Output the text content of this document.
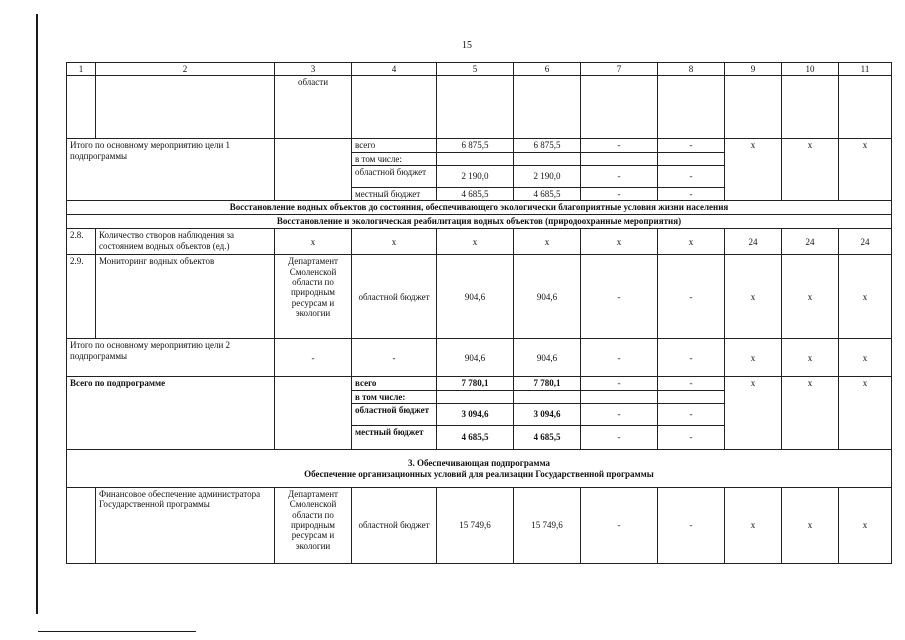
15
1	2	3	4	5	6	7	8	9	10	11
		области								
Итого по основному мероприятию цели 1 подпрограммы			всего	6 875,5	6 875,5	-	-	х	х	х
			в том числе:							
			областной бюджет	2 190,0	2 190,0	-	-			
			местный бюджет	4 685,5	4 685,5	-	-			
Восстановление водных объектов до состояния, обеспечивающего экологически благоприятные условия жизни населения										
Восстановление и экологическая реабилитация водных объектов (природоохранные мероприятия)										
2.8.	Количество створов наблюдения за состоянием водных объектов (ед.)	х	х	х	х	х	х	24	24	24
2.9.	Мониторинг водных объектов	Департамент Смоленской области по природным ресурсам и экологии	областной бюджет	904,6	904,6	-	-	х	х	х
Итого по основному мероприятию цели 2 подпрограммы		-	-	904,6	904,6	-	-	х	х	х
Всего по подпрограмме			всего	7 780,1	7 780,1	-	-	х	х	х
			в том числе:							
			областной бюджет	3 094,6	3 094,6	-	-			
			местный бюджет	4 685,5	4 685,5	-	-			

3. Обеспечивающая подпрограмма
Обеспечение организационных условий для реализации Государственной программы										

	Финансовое обеспечение администратора Государственной программы	Департамент Смоленской области по природным ресурсам и экологии	областной бюджет	15 749,6	15 749,6	-	-	х	х	х
